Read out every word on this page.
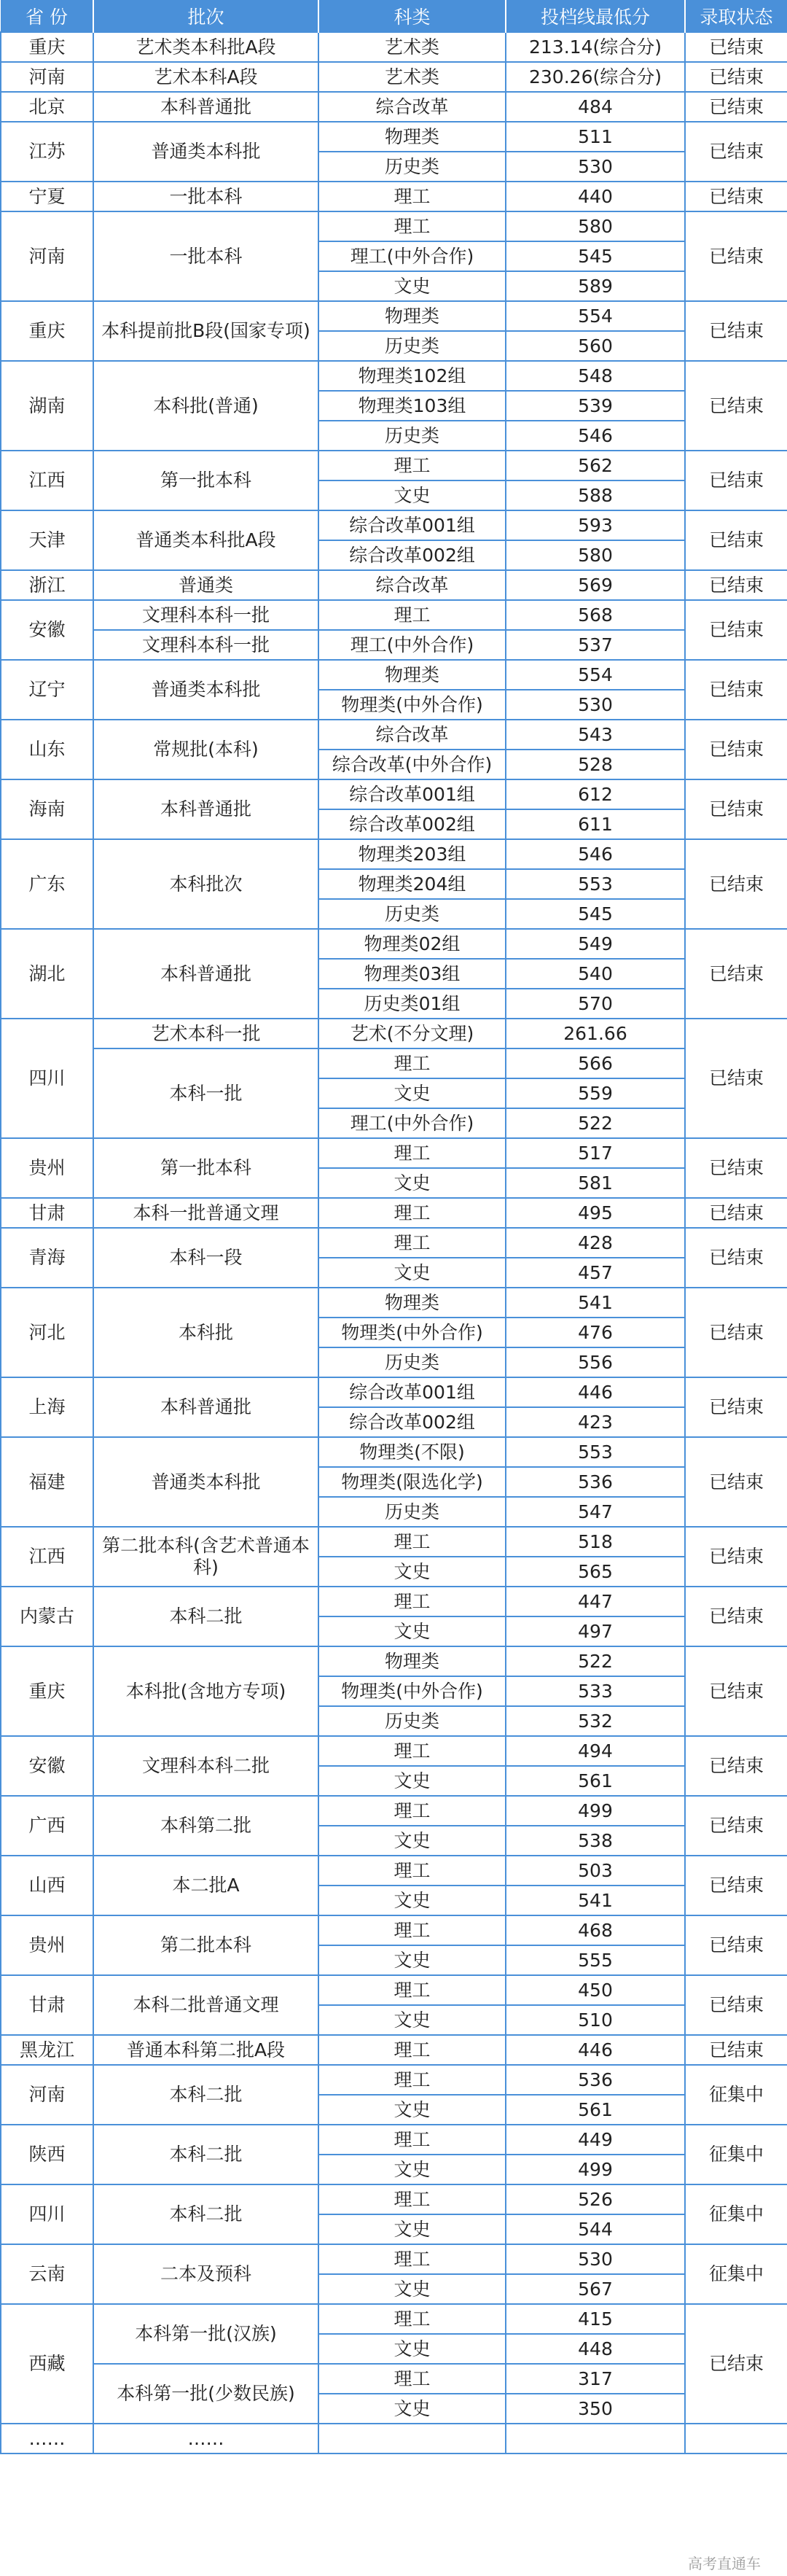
省 份	批次	科类	投档线最低分	录取状态
重庆	艺术类本科批A段	艺术类	213.14(综合分)	已结束
河南	艺术本科A段	艺术类	230.26(综合分)	已结束
北京	本科普通批	综合改革	484	已结束
江苏	普通类本科批	物理类	511	已结束
		历史类	530	
宁夏	一批本科	理工	440	已结束
河南	一批本科	理工	580	已结束
		理工(中外合作)	545	
		文史	589	
重庆	本科提前批B段(国家专项)	物理类	554	已结束
		历史类	560	
湖南	本科批(普通)	物理类102组	548	已结束
		物理类103组	539	
		历史类	546	
江西	第一批本科	理工	562	已结束
		文史	588	
天津	普通类本科批A段	综合改革001组	593	已结束
		综合改革002组	580	
浙江	普通类	综合改革	569	已结束
安徽	文理科本科一批	理工	568	已结束
	文理科本科一批	理工(中外合作)	537	
辽宁	普通类本科批	物理类	554	已结束
		物理类(中外合作)	530	
山东	常规批(本科)	综合改革	543	已结束
		综合改革(中外合作)	528	
海南	本科普通批	综合改革001组	612	已结束
		综合改革002组	611	
广东	本科批次	物理类203组	546	已结束
		物理类204组	553	
		历史类	545	
湖北	本科普通批	物理类02组	549	已结束
		物理类03组	540	
		历史类01组	570	
四川	艺术本科一批	艺术(不分文理)	261.66	已结束
	本科一批	理工	566	
		文史	559	
		理工(中外合作)	522	
贵州	第一批本科	理工	517	已结束
		文史	581	
甘肃	本科一批普通文理	理工	495	已结束
青海	本科一段	理工	428	已结束
		文史	457	
河北	本科批	物理类	541	已结束
		物理类(中外合作)	476	
		历史类	556	
上海	本科普通批	综合改革001组	446	已结束
		综合改革002组	423	
福建	普通类本科批	物理类(不限)	553	已结束
		物理类(限选化学)	536	
		历史类	547	
江西	第二批本科(含艺术普通本科)	理工	518	已结束
		文史	565	
内蒙古	本科二批	理工	447	已结束
		文史	497	
重庆	本科批(含地方专项)	物理类	522	已结束
		物理类(中外合作)	533	
		历史类	532	
安徽	文理科本科二批	理工	494	已结束
		文史	561	
广西	本科第二批	理工	499	已结束
		文史	538	
山西	本二批A	理工	503	已结束
		文史	541	
贵州	第二批本科	理工	468	已结束
		文史	555	
甘肃	本科二批普通文理	理工	450	已结束
		文史	510	
黑龙江	普通本科第二批A段	理工	446	已结束
河南	本科二批	理工	536	征集中
		文史	561	
陕西	本科二批	理工	449	征集中
		文史	499	
四川	本科二批	理工	526	征集中
		文史	544	
云南	二本及预科	理工	530	征集中
		文史	567	
西藏	本科第一批(汉族)	理工	415	已结束
		文史	448	
	本科第一批(少数民族)	理工	317	
		文史	350	
……	……			
高考直通车
